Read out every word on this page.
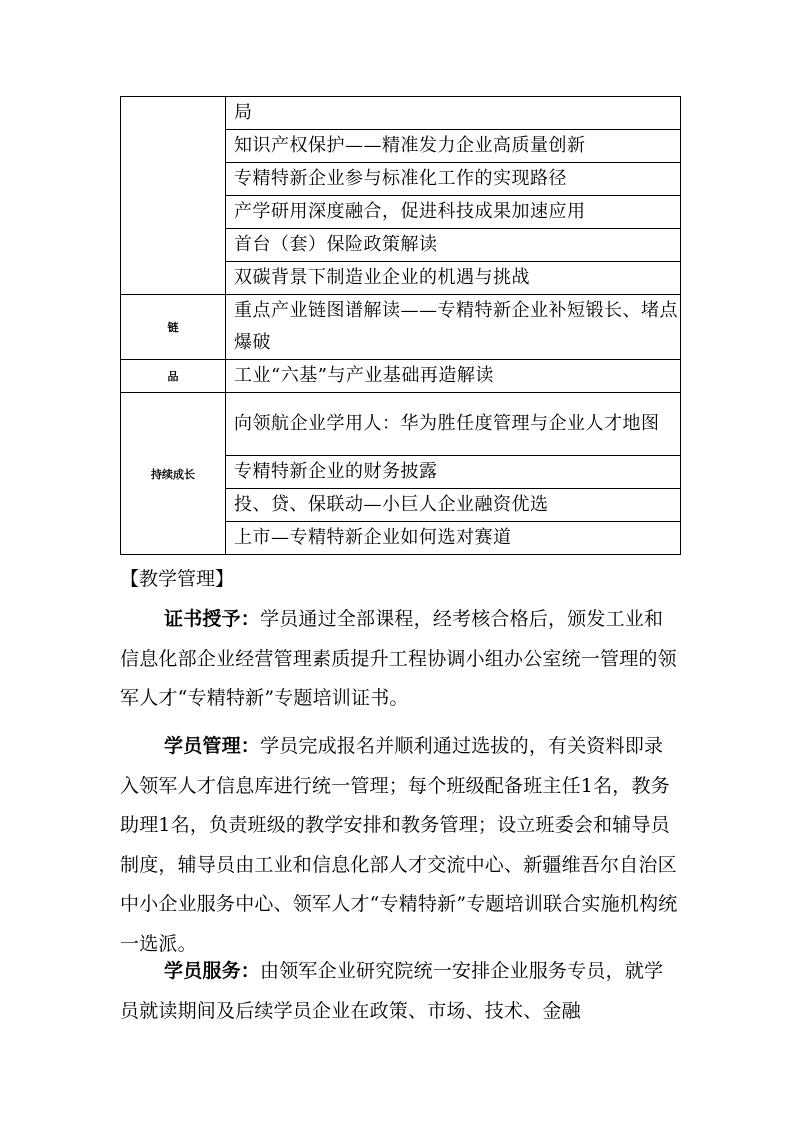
	局
	知识产权保护——精准发力企业高质量创新
	专精特新企业参与标准化工作的实现路径
	产学研用深度融合，促进科技成果加速应用
	首台（套）保险政策解读
	双碳背景下制造业企业的机遇与挑战
链	重点产业链图谱解读——专精特新企业补短锻长、堵点爆破
品	工业“六基”与产业基础再造解读
持续成长	向领航企业学用人：华为胜任度管理与企业人才地图
	专精特新企业的财务披露
	投、贷、保联动—小巨人企业融资优选
	上市—专精特新企业如何选对赛道
【教学管理】

证书授予：学员通过全部课程，经考核合格后，颁发工业和信息化部企业经营管理素质提升工程协调小组办公室统一管理的领军人才“专精特新”专题培训证书。

学员管理：学员完成报名并顺利通过选拔的，有关资料即录入领军人才信息库进行统一管理；每个班级配备班主任1名，教务助理1名，负责班级的教学安排和教务管理；设立班委会和辅导员制度，辅导员由工业和信息化部人才交流中心、新疆维吾尔自治区中小企业服务中心、领军人才“专精特新”专题培训联合实施机构统一选派。

学员服务：由领军企业研究院统一安排企业服务专员，就学员就读期间及后续学员企业在政策、市场、技术、金融
